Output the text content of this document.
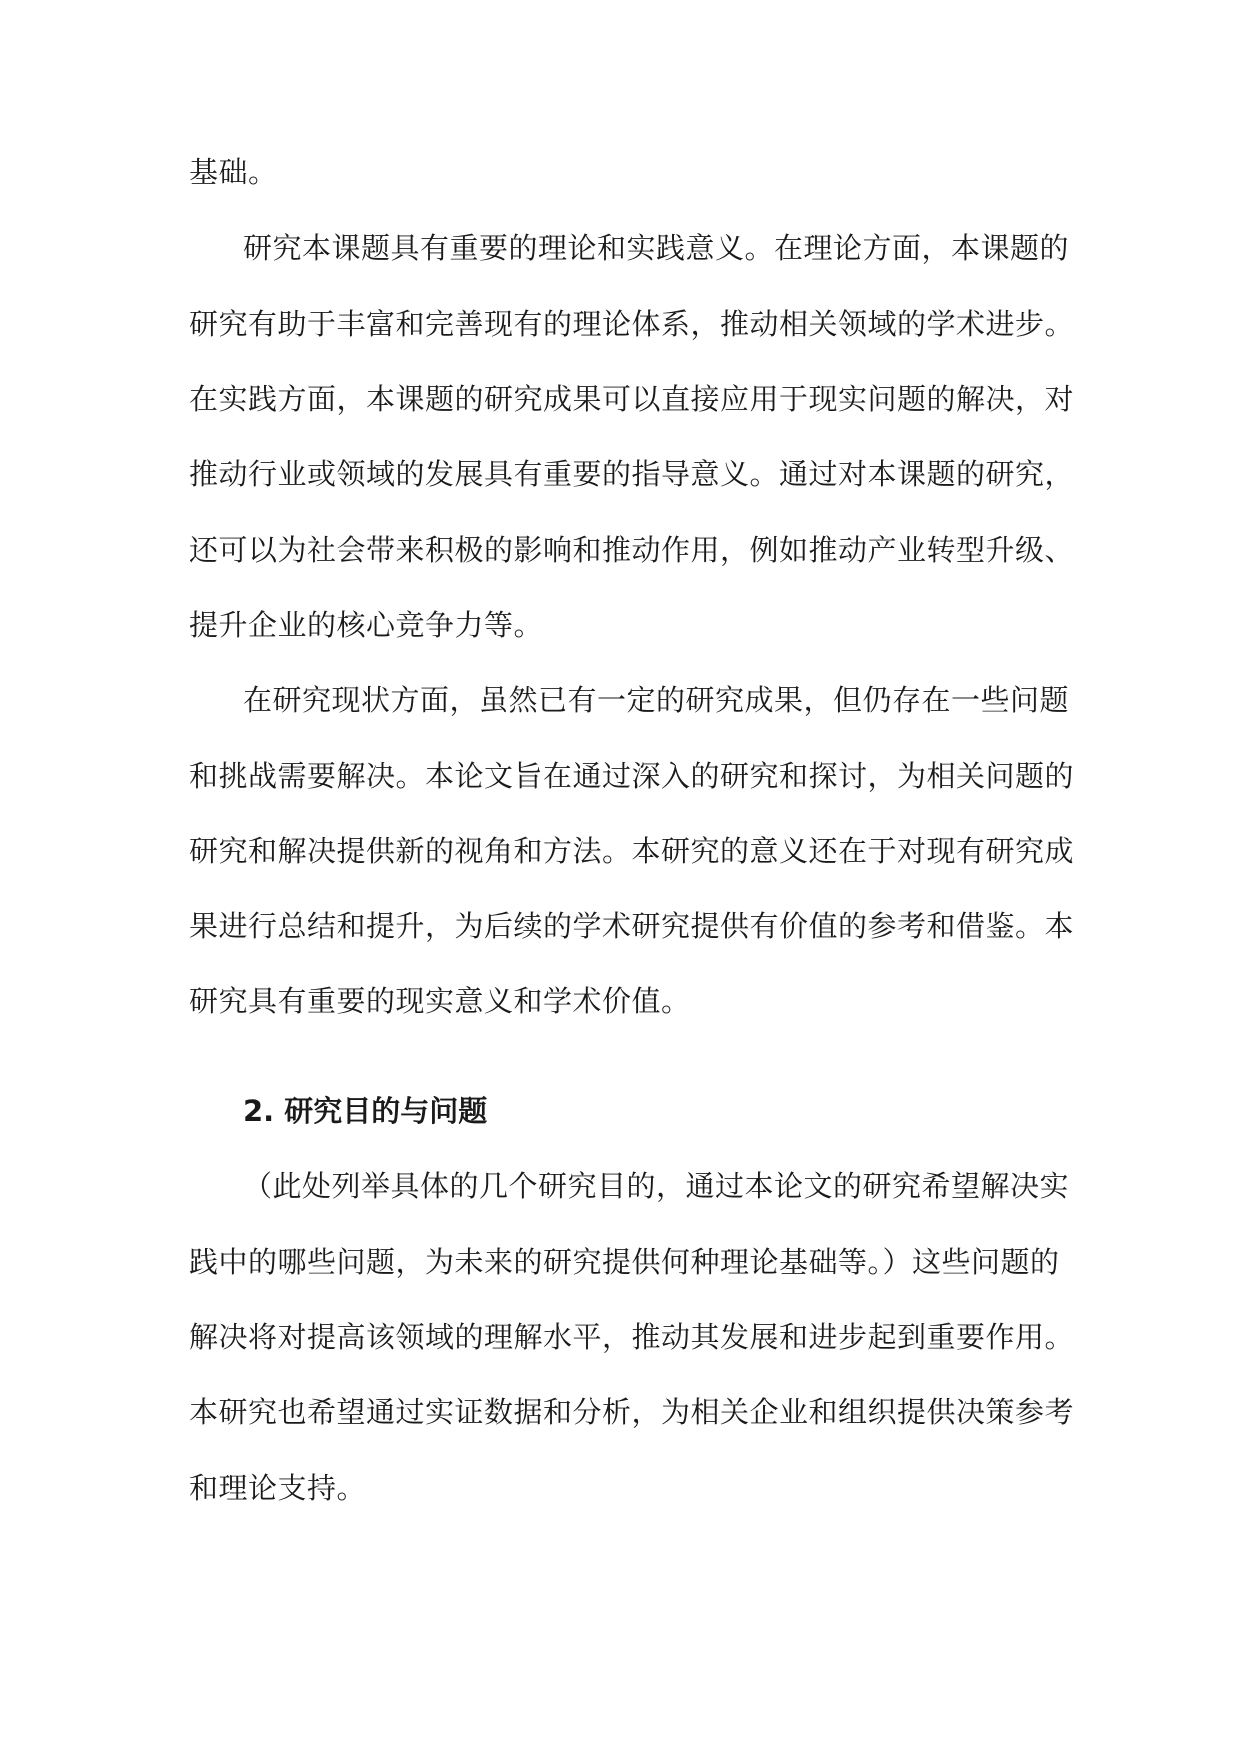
基础。
研究本课题具有重要的理论和实践意义。在理论方面，本课题的
研究有助于丰富和完善现有的理论体系，推动相关领域的学术进步。
在实践方面，本课题的研究成果可以直接应用于现实问题的解决，对
推动行业或领域的发展具有重要的指导意义。通过对本课题的研究，
还可以为社会带来积极的影响和推动作用，例如推动产业转型升级、
提升企业的核心竞争力等。
在研究现状方面，虽然已有一定的研究成果，但仍存在一些问题
和挑战需要解决。本论文旨在通过深入的研究和探讨，为相关问题的
研究和解决提供新的视角和方法。本研究的意义还在于对现有研究成
果进行总结和提升，为后续的学术研究提供有价值的参考和借鉴。本
研究具有重要的现实意义和学术价值。
2. 研究目的与问题
（此处列举具体的几个研究目的，通过本论文的研究希望解决实
践中的哪些问题，为未来的研究提供何种理论基础等。）这些问题的
解决将对提高该领域的理解水平，推动其发展和进步起到重要作用。
本研究也希望通过实证数据和分析，为相关企业和组织提供决策参考
和理论支持。
